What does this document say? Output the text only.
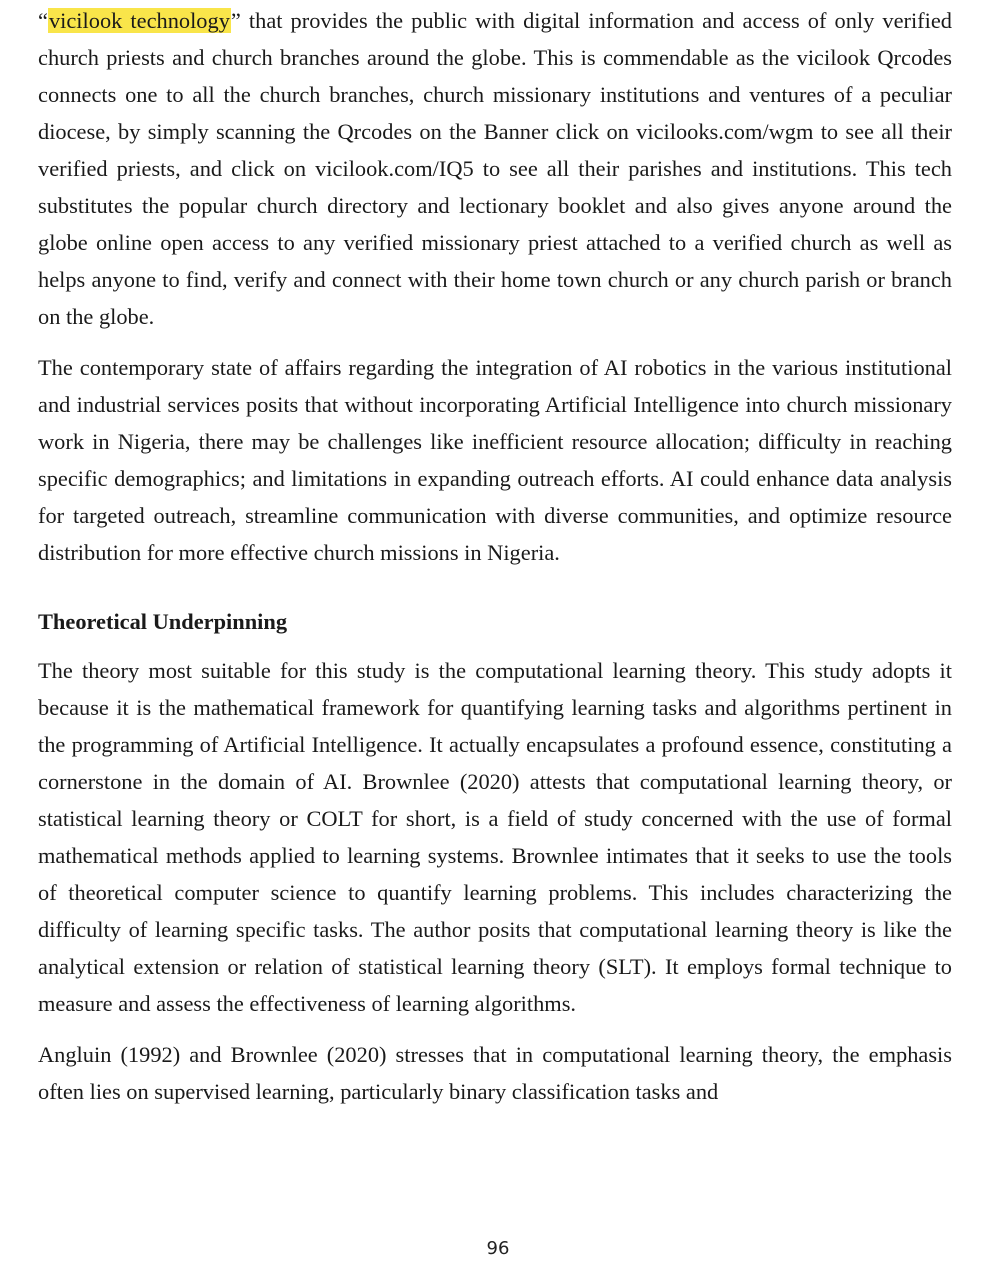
“vicilook technology” that provides the public with digital information and access of only verified church priests and church branches around the globe. This is commendable as the vicilook Qrcodes connects one to all the church branches, church missionary institutions and ventures of a peculiar diocese, by simply scanning the Qrcodes on the Banner click on vicilooks.com/wgm to see all their verified priests, and click on vicilook.com/IQ5 to see all their parishes and institutions. This tech substitutes the popular church directory and lectionary booklet and also gives anyone around the globe online open access to any verified missionary priest attached to a verified church as well as helps anyone to find, verify and connect with their home town church or any church parish or branch on the globe.

The contemporary state of affairs regarding the integration of AI robotics in the various institutional and industrial services posits that without incorporating Artificial Intelligence into church missionary work in Nigeria, there may be challenges like inefficient resource allocation; difficulty in reaching specific demographics; and limitations in expanding outreach efforts. AI could enhance data analysis for targeted outreach, streamline communication with diverse communities, and optimize resource distribution for more effective church missions in Nigeria.

Theoretical Underpinning

The theory most suitable for this study is the computational learning theory. This study adopts it because it is the mathematical framework for quantifying learning tasks and algorithms pertinent in the programming of Artificial Intelligence. It actually encapsulates a profound essence, constituting a cornerstone in the domain of AI. Brownlee (2020) attests that computational learning theory, or statistical learning theory or COLT for short, is a field of study concerned with the use of formal mathematical methods applied to learning systems. Brownlee intimates that it seeks to use the tools of theoretical computer science to quantify learning problems. This includes characterizing the difficulty of learning specific tasks. The author posits that computational learning theory is like the analytical extension or relation of statistical learning theory (SLT). It employs formal technique to measure and assess the effectiveness of learning algorithms.

Angluin (1992) and Brownlee (2020) stresses that in computational learning theory, the emphasis often lies on supervised learning, particularly binary classification tasks and

96
